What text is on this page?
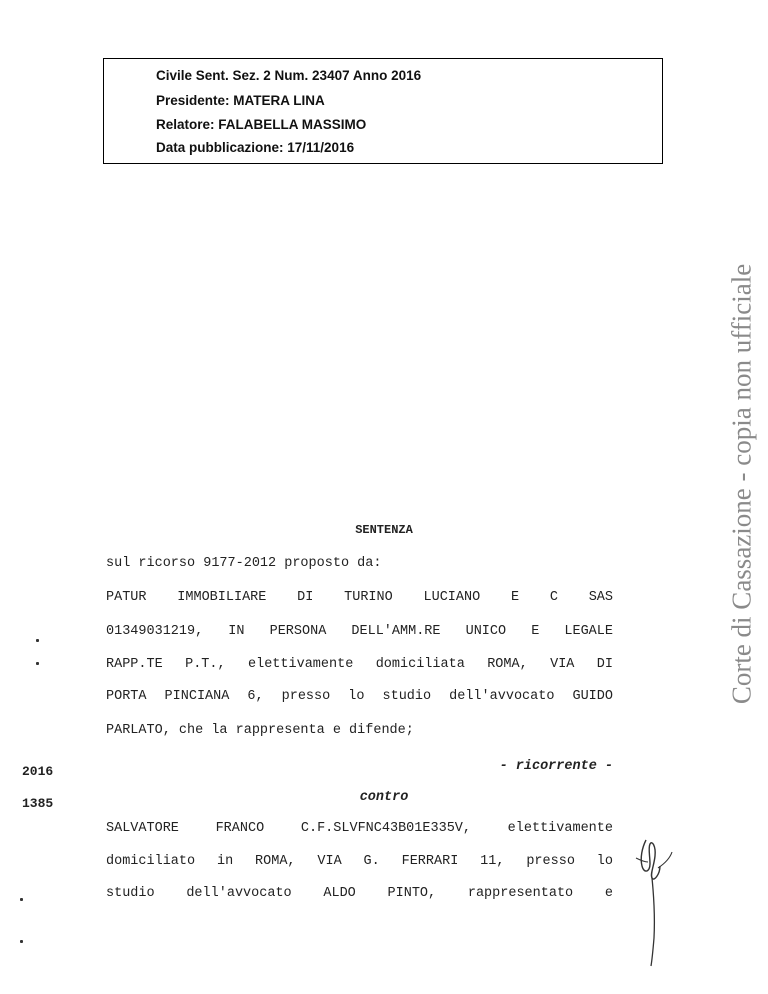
Civile Sent. Sez. 2 Num. 23407 Anno 2016
Presidente: MATERA LINA
Relatore: FALABELLA MASSIMO
Data pubblicazione: 17/11/2016
Corte di Cassazione - copia non ufficiale
SENTENZA
sul ricorso 9177-2012 proposto da:
PATUR IMMOBILIARE DI TURINO LUCIANO E C SAS
01349031219, IN PERSONA DELL'AMM.RE UNICO E LEGALE
RAPP.TE P.T., elettivamente domiciliata ROMA, VIA DI
PORTA PINCIANA 6, presso lo studio dell'avvocato GUIDO
PARLATO, che la rappresenta e difende;
- ricorrente -
contro
SALVATORE FRANCO C.F.SLVFNC43B01E335V, elettivamente
domiciliato in ROMA, VIA G. FERRARI 11, presso lo
studio dell'avvocato ALDO PINTO, rappresentato e
2016
1385
